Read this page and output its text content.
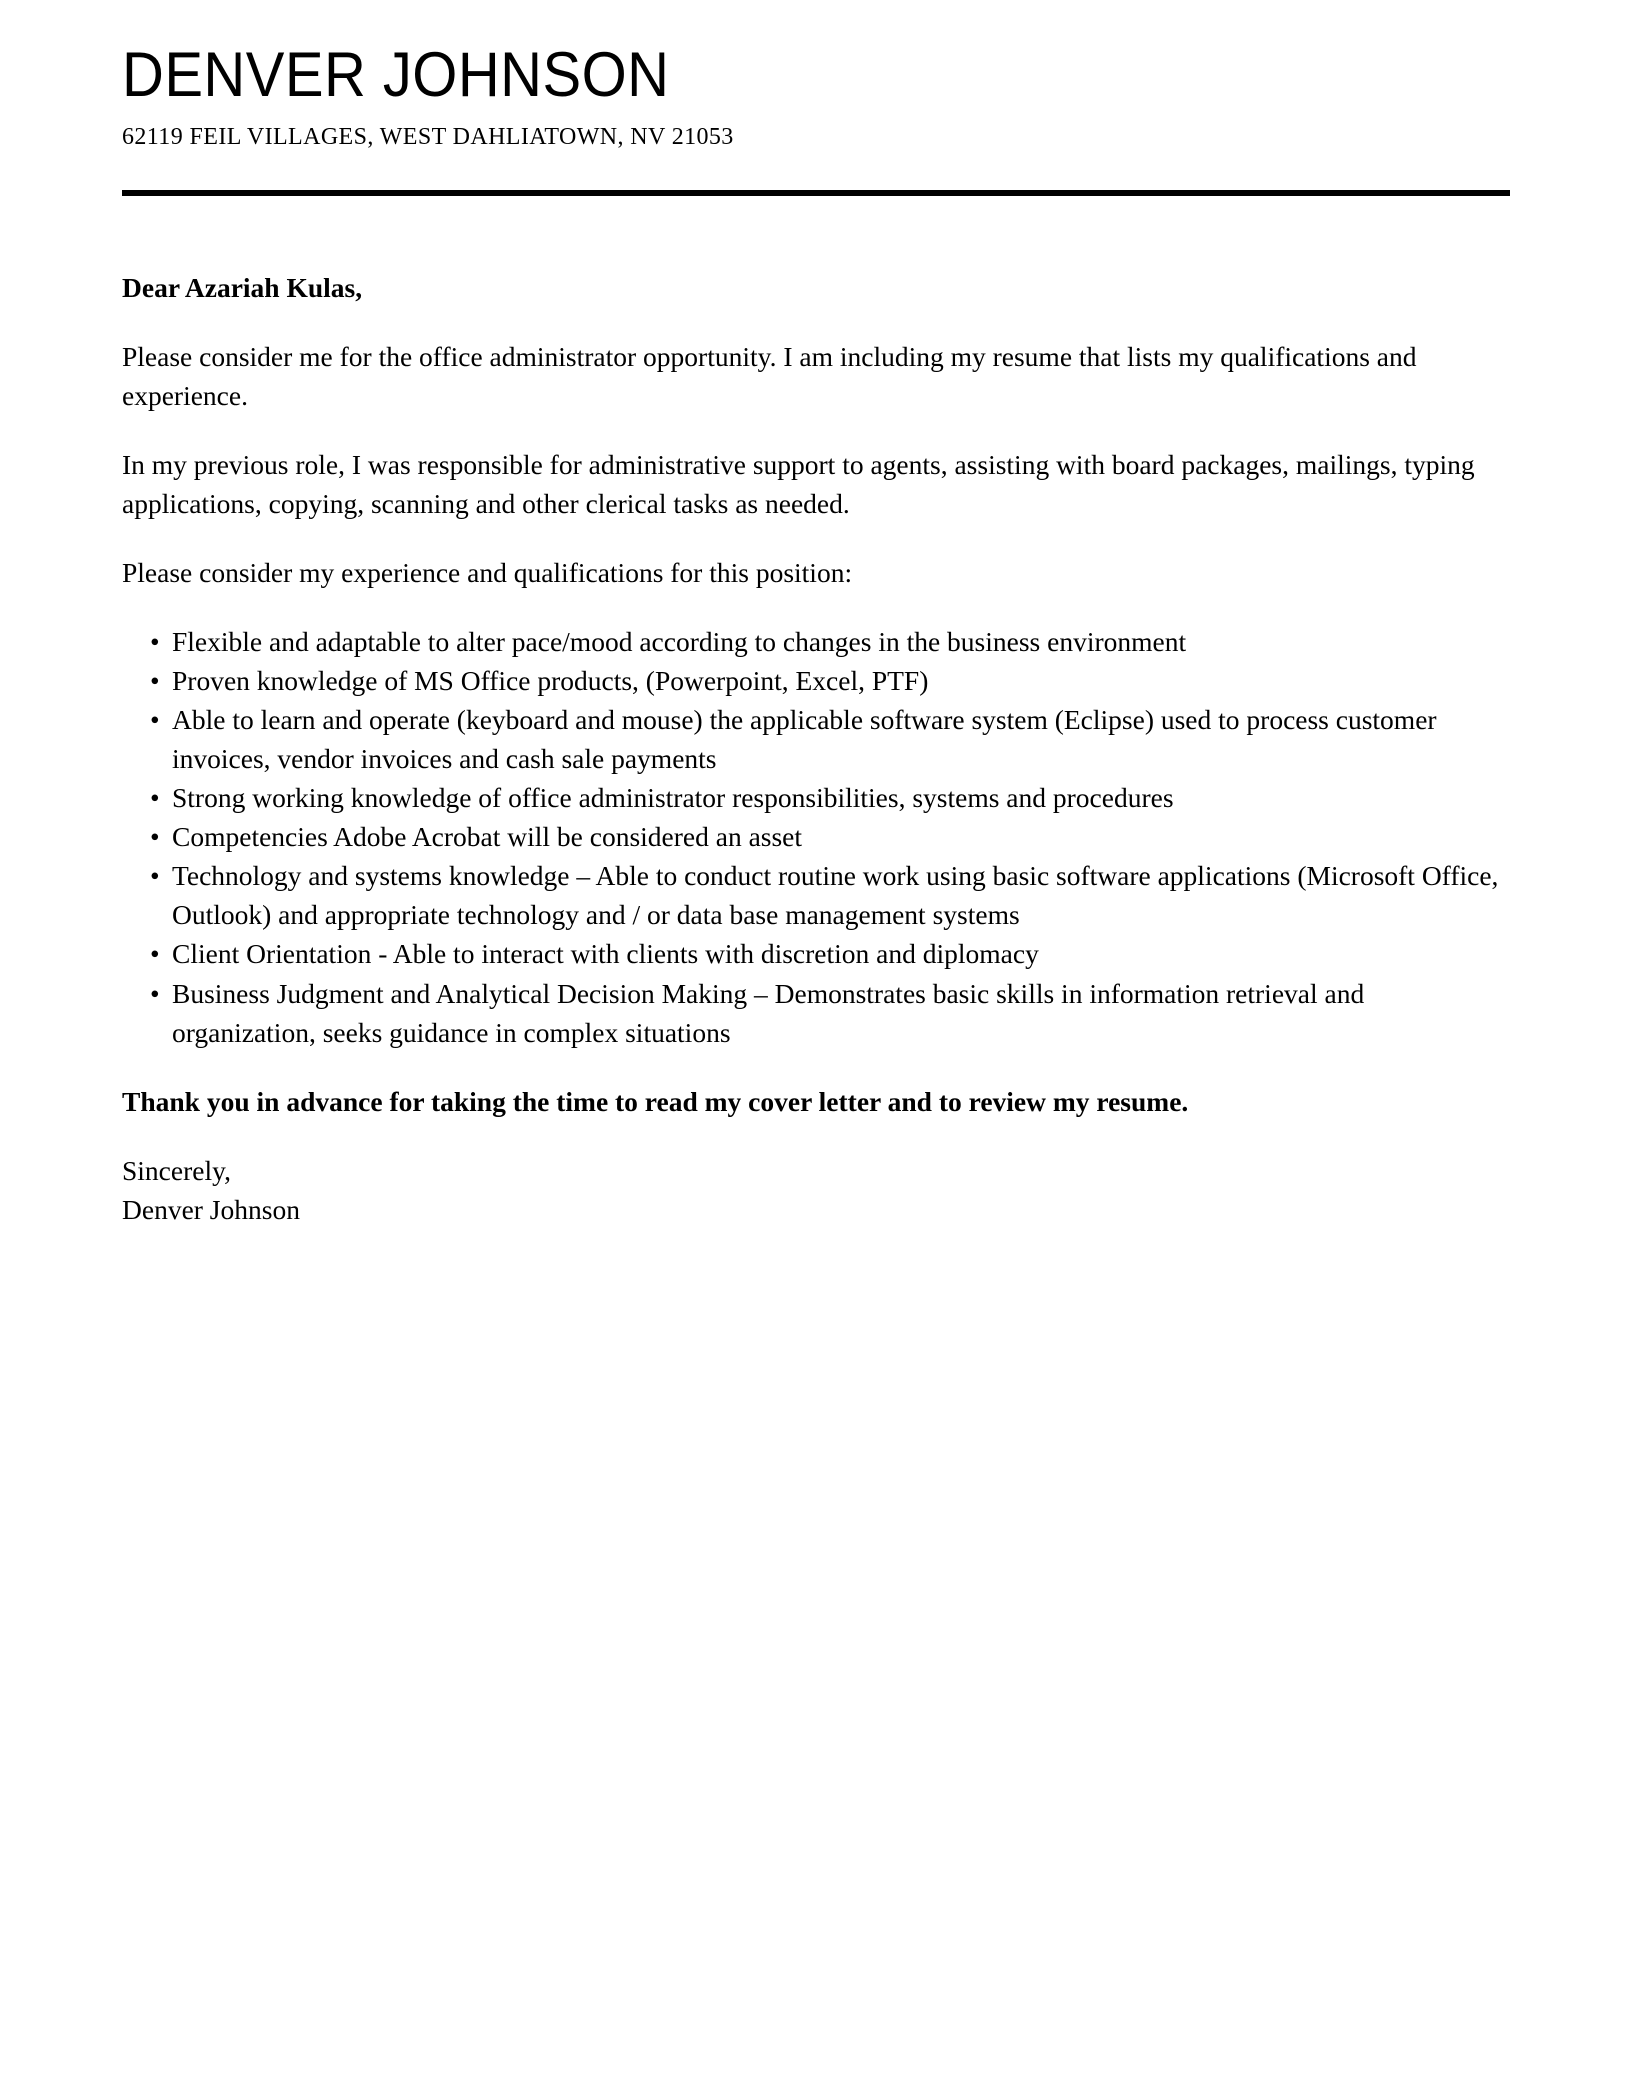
DENVER JOHNSON
62119 FEIL VILLAGES, WEST DAHLIATOWN, NV 21053

Dear Azariah Kulas,

Please consider me for the office administrator opportunity. I am including my resume that lists my qualifications and experience.

In my previous role, I was responsible for administrative support to agents, assisting with board packages, mailings, typing applications, copying, scanning and other clerical tasks as needed.

Please consider my experience and qualifications for this position:

• Flexible and adaptable to alter pace/mood according to changes in the business environment
• Proven knowledge of MS Office products, (Powerpoint, Excel, PTF)
• Able to learn and operate (keyboard and mouse) the applicable software system (Eclipse) used to process customer invoices, vendor invoices and cash sale payments
• Strong working knowledge of office administrator responsibilities, systems and procedures
• Competencies Adobe Acrobat will be considered an asset
• Technology and systems knowledge – Able to conduct routine work using basic software applications (Microsoft Office, Outlook) and appropriate technology and / or data base management systems
• Client Orientation - Able to interact with clients with discretion and diplomacy
• Business Judgment and Analytical Decision Making – Demonstrates basic skills in information retrieval and organization, seeks guidance in complex situations

Thank you in advance for taking the time to read my cover letter and to review my resume.

Sincerely,
Denver Johnson
